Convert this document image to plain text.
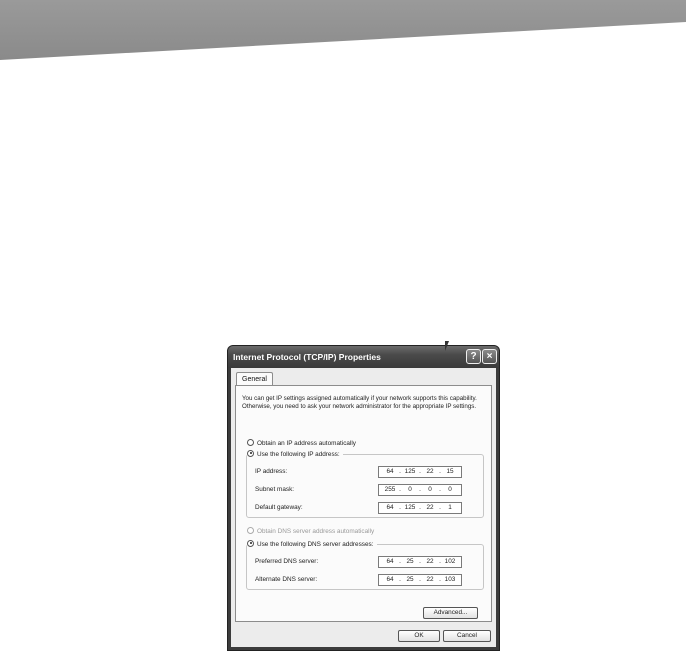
Internet Protocol (TCP/IP) Properties	?	×
General
You can get IP settings assigned automatically if your network supports this capability. Otherwise, you need to ask your network administrator for the appropriate IP settings.
Obtain an IP address automatically
Use the following IP address:
IP address:	64 . 125 . 22 . 15
Subnet mask:	255 .	0	.	0	.	0
Default gateway:	64 . 125 . 22 .	1
Obtain DNS server address automatically
Use the following DNS server addresses:
Preferred DNS server:	64 . 25 . 22 . 102
Alternate DNS server:	64 . 25 . 22 . 103
Advanced...
OK	Cancel
